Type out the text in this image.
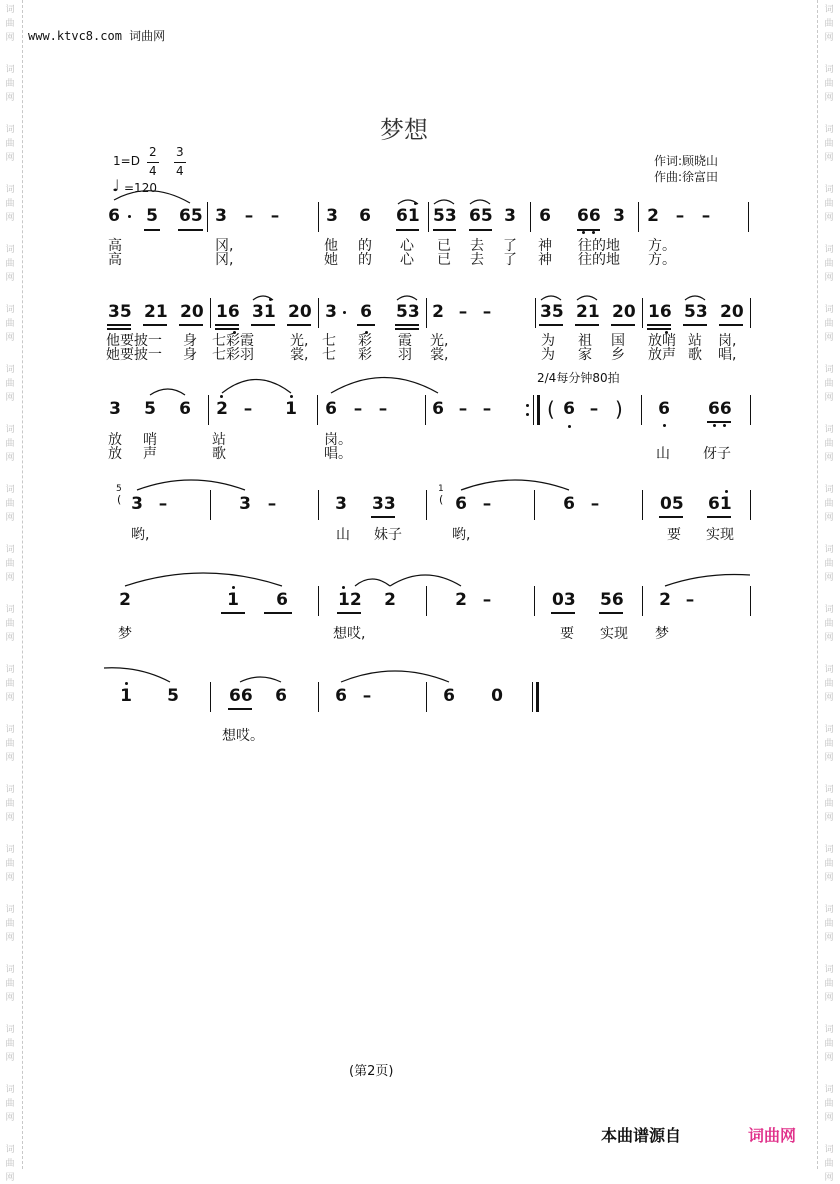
词
曲
网
词
曲
网
词
曲
网
词
曲
网
词
曲
网
词
曲
网
词
曲
网
词
曲
网
词
曲
网
词
曲
网
词
曲
网
词
曲
网
词
曲
网
词
曲
网
词
曲
网
词
曲
网
词
曲
网
词
曲
网
词
曲
网
词
曲
网
词
曲
网
词
曲
网
词
曲
网
词
曲
网
词
曲
网
词
曲
网
词
曲
网
词
曲
网
词
曲
网
词
曲
网
词
曲
网
词
曲
网
词
曲
网
词
曲
网
词
曲
网
词
曲
网
词
曲
网
词
曲
网
词
曲
网
词
曲
网
www.ktvc8.com 词曲网
梦想
1=D
2
4
3
4
♩ =120
作词:顾晓山
作曲:徐富田
6 5 65 3	–	–	3 6 61 53 65 3 6 66 3 2 –	–
高	冈,	他 的 心 已 去 了 神 往的地 方。
高	冈,	她 的 心 已 去 了 神 往的地 方。
35 21 20 16 31 20 3 6 53 2 – –	35 21 20 16 53 20
他要披一 身 七彩霞	光, 七 彩 霞 光,	为 祖 国 放哨 站 岗,
她要披一 身 七彩羽	裳, 七 彩 羽 裳,	为 家 乡 放声 歌 唱,
2/4每分钟80拍
3 5 6 2 –	1 6 – –	6 – –	( 6 – ) 6 66
放 哨	站	岗。
放 声	歌	唱。	山 伢子
5
( 3 –	3 –	3 33
1
( 6 –	6 –	05 61
哟,	山 妹子	哟,	要 实现
2	1 6	12 2	2 –	03 56 2 –
梦	想哎,	要 实现 梦
1 5	66 6	6 –	6 0
想哎。
(第2页)
本曲谱源自	词曲网
